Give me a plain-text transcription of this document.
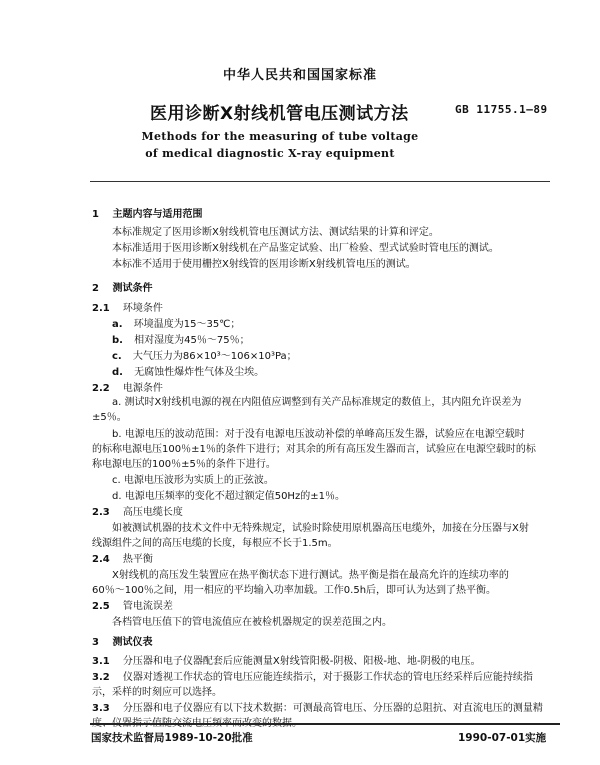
中华人民共和国国家标准
医用诊断X射线机管电压测试方法	GB 11755.1—89
Methods for the measuring of tube voltage
of medical diagnostic X-ray equipment
1 主题内容与适用范围
本标准规定了医用诊断X射线机管电压测试方法、测试结果的计算和评定。
本标准适用于医用诊断X射线机在产品鉴定试验、出厂检验、型式试验时管电压的测试。
本标准不适用于使用栅控X射线管的医用诊断X射线机管电压的测试。
2 测试条件
2.1 环境条件
a. 环境温度为15～35℃；
b. 相对湿度为45％～75％；
c. 大气压力为86×10³～106×10³Pa；
d. 无腐蚀性爆炸性气体及尘埃。
2.2 电源条件
a. 测试时X射线机电源的视在内阻值应调整到有关产品标准规定的数值上，其内阻允许误差为
±5％。
b. 电源电压的波动范围：对于没有电源电压波动补偿的单峰高压发生器，试验应在电源空载时
的标称电源电压100％±1％的条件下进行；对其余的所有高压发生器而言，试验应在电源空载时的标
称电源电压的100％±5％的条件下进行。
c. 电源电压波形为实质上的正弦波。
d. 电源电压频率的变化不超过额定值50Hz的±1％。
2.3 高压电缆长度
如被测试机器的技术文件中无特殊规定，试验时除使用原机器高压电缆外，加接在分压器与X射
线源组件之间的高压电缆的长度，每根应不长于1.5m。
2.4 热平衡
X射线机的高压发生装置应在热平衡状态下进行测试。热平衡是指在最高允许的连续功率的
60％～100％之间，用一相应的平均输入功率加载。工作0.5h后，即可认为达到了热平衡。
2.5 管电流误差
各档管电压值下的管电流值应在被检机器规定的误差范围之内。
3 测试仪表
3.1 分压器和电子仪器配套后应能测量X射线管阳极-阴极、阳极-地、地-阴极的电压。
3.2 仪器对透视工作状态的管电压应能连续指示，对于摄影工作状态的管电压经采样后应能持续指
示，采样的时刻应可以选择。
3.3 分压器和电子仪器应有以下技术数据：可测最高管电压、分压器的总阻抗、对直流电压的测量精
度、仪器指示值随交流电压频率而改变的数据。
国家技术监督局1989-10-20批准	1990-07-01实施
